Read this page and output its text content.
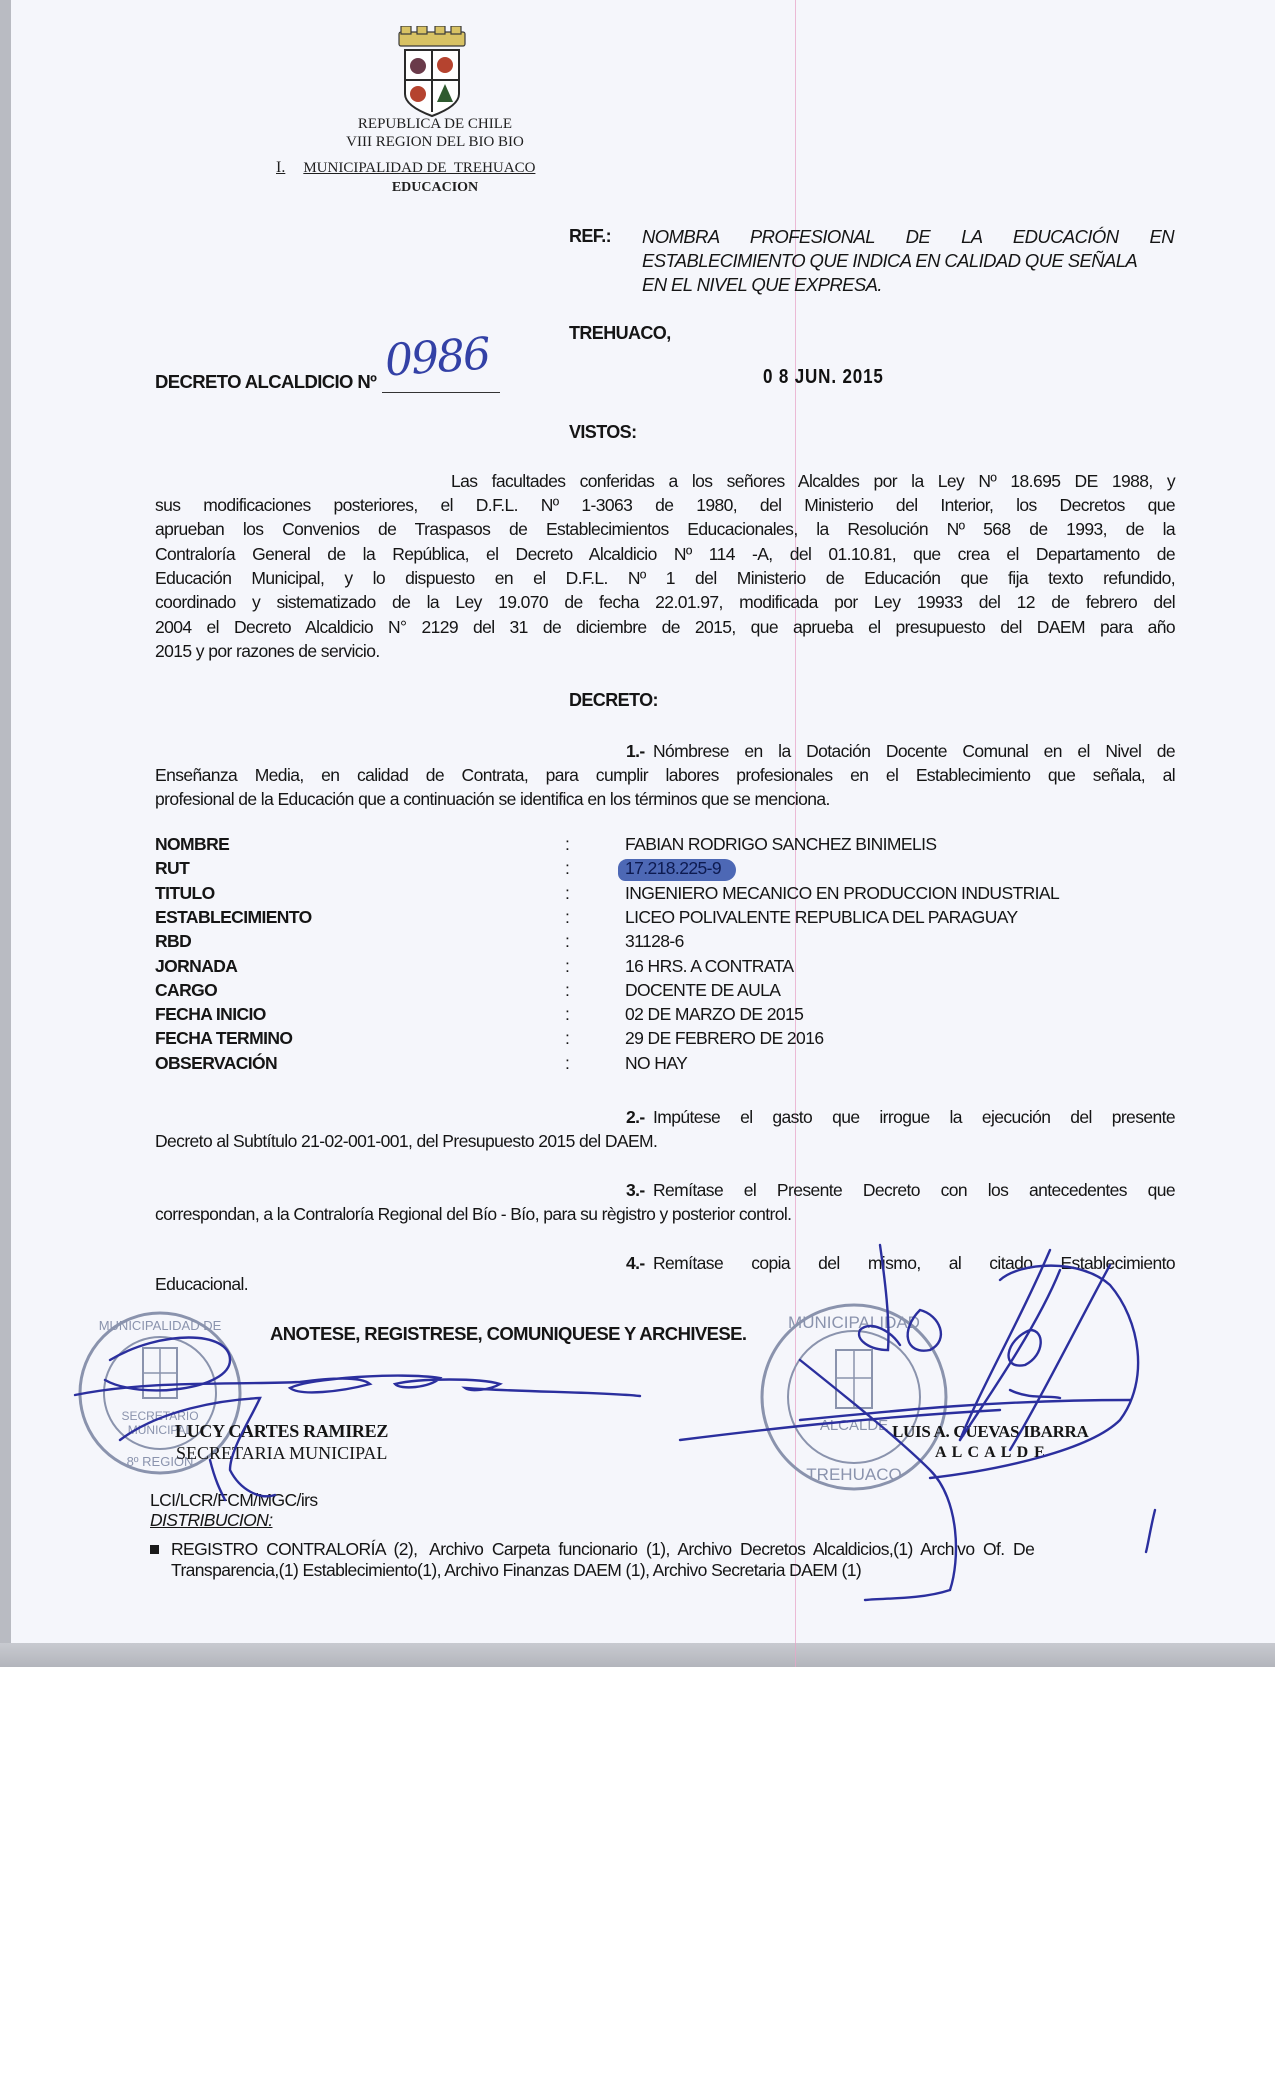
REPUBLICA DE CHILE
VIII REGION DEL BIO BIO
I. MUNICIPALIDAD DE  TREHUACO
EDUCACION
REF.: NOMBRA PROFESIONAL DE LA EDUCACIÓN EN
ESTABLECIMIENTO QUE INDICA EN CALIDAD QUE SEÑALA
EN EL NIVEL QUE EXPRESA.
TREHUACO,
DECRETO ALCALDICIO Nº 0986	0 8 JUN. 2015
VISTOS:
Las facultades conferidas a los señores Alcaldes por la Ley Nº 18.695 DE 1988, y
sus modificaciones posteriores, el D.F.L. Nº 1-3063 de 1980, del Ministerio del Interior, los Decretos que
aprueban los Convenios de Traspasos de Establecimientos Educacionales, la Resolución Nº 568 de 1993, de la
Contraloría General de la República, el Decreto Alcaldicio Nº 114 -A, del 01.10.81, que crea el Departamento de
Educación Municipal, y lo dispuesto en el D.F.L. Nº 1 del Ministerio de Educación que fija texto refundido,
coordinado y sistematizado de la Ley 19.070 de fecha 22.01.97, modificada por Ley 19933 del 12 de febrero del
2004 el Decreto Alcaldicio N° 2129 del 31 de diciembre de 2015, que aprueba el presupuesto del DAEM para año
2015 y por razones de servicio.
DECRETO:
1.- Nómbrese en la Dotación Docente Comunal en el Nivel de
Enseñanza Media, en calidad de Contrata, para cumplir labores profesionales en el Establecimiento que señala, al
profesional de la Educación que a continuación se identifica en los términos que se menciona.
NOMBRE	:	FABIAN RODRIGO SANCHEZ BINIMELIS
RUT	:	17.218.225-9
TITULO	:	INGENIERO MECANICO EN PRODUCCION INDUSTRIAL
ESTABLECIMIENTO	:	LICEO POLIVALENTE REPUBLICA DEL PARAGUAY
RBD	:	31128-6
JORNADA	:	16 HRS. A CONTRATA
CARGO	:	DOCENTE DE AULA
FECHA INICIO	:	02 DE MARZO DE 2015
FECHA TERMINO	:	29 DE FEBRERO DE 2016
OBSERVACIÓN	:	NO HAY
2.- Impútese el gasto que irrogue la ejecución del presente
Decreto al Subtítulo 21-02-001-001, del Presupuesto 2015 del DAEM.
3.- Remítase el Presente Decreto con los antecedentes que
correspondan, a la Contraloría Regional del Bío - Bío, para su règistro y posterior control.
4.- Remítase copia del mismo, al citado Establecimiento
Educacional.
ANOTESE, REGISTRESE, COMUNIQUESE Y ARCHIVESE.
SECRETARIO
MUNICIPAL
MUNICIPALIDAD DE
8º REGION
ALCALDE
MUNICIPALIDAD
TREHUACO
LUCY CARTES RAMIREZ
SECRETARIA MUNICIPAL
LUIS A. CUEVAS IBARRA
A L C A L D E
LCI/LCR/FCM/MGC/irs
DISTRIBUCION:
REGISTRO  CONTRALORÍA  (2),   Archivo  Carpeta  funcionario  (1),  Archivo  Decretos  Alcaldicios,(1)  Archivo  Of.  De
Transparencia,(1) Establecimiento(1), Archivo Finanzas DAEM (1), Archivo Secretaria DAEM (1)
